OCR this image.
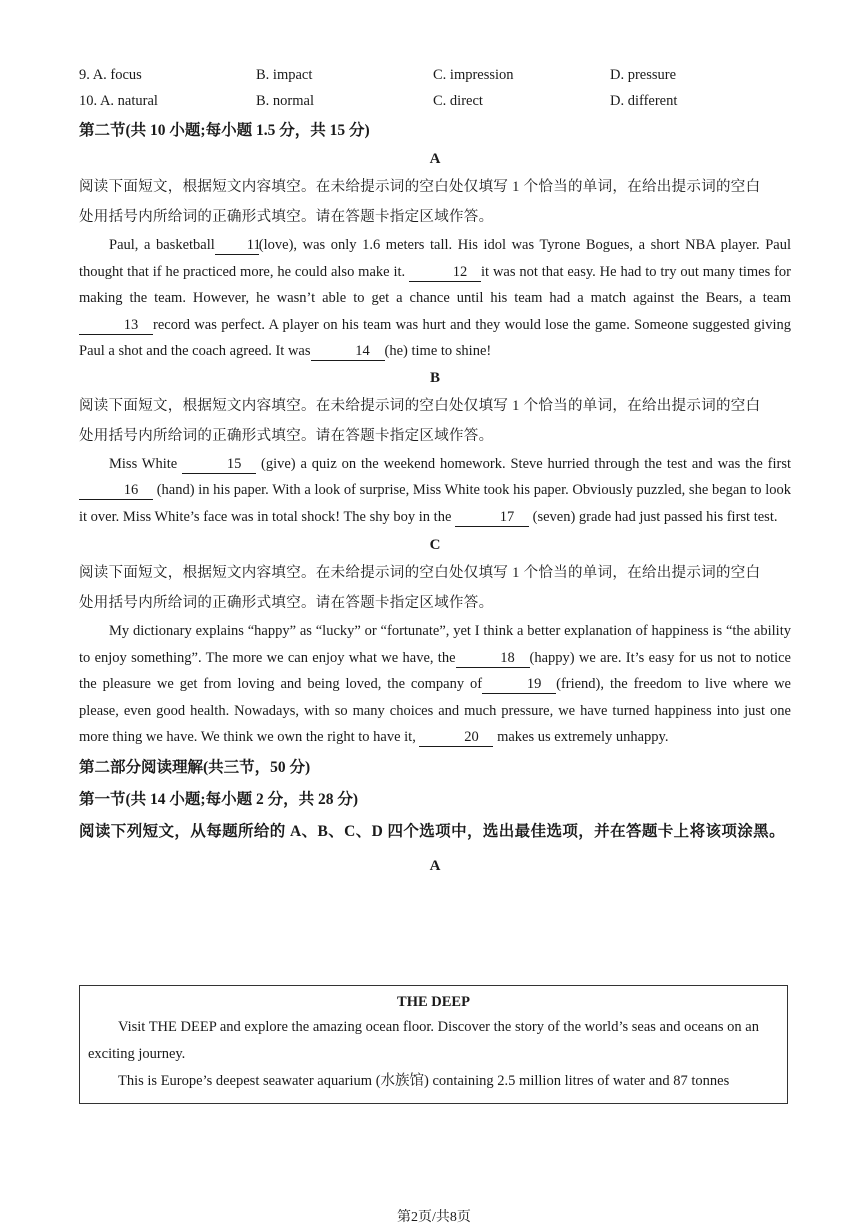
9. A. focus	B. impact	C. impression	D. pressure
10. A. natural	B. normal	C. direct	D. different
第二节(共 10 小题;每小题 1.5 分，共 15 分)
A

阅读下面短文，根据短文内容填空。在未给提示词的空白处仅填写 1 个恰当的单词，在给出提示词的空白

处用括号内所给词的正确形式填空。请在答题卡指定区域作答。

Paul, a basketball 11(love), was only 1.6 meters tall. His idol was Tyrone Bogues, a short NBA player. Paul thought that if he practiced more, he could also make it.	12 it was not that easy. He had to try out many times for making the team. However, he wasn’t able to get a chance until his team had a match against the Bears, a team13 record was perfect. A player on his team was hurt and they would lose the game. Someone suggested giving Paul a shot and the coach agreed. It was	14 (he) time to shine!

B

阅读下面短文，根据短文内容填空。在未给提示词的空白处仅填写 1 个恰当的单词，在给出提示词的空白

处用括号内所给词的正确形式填空。请在答题卡指定区域作答。

Miss White	15 (give) a quiz on the weekend homework. Steve hurried through the test and was the first 16 (hand) in his paper. With a look of surprise, Miss White took his paper. Obviously puzzled, she began to look it over. Miss White’s face was in total shock! The shy boy in the	17 (seven) grade had just passed his first test.

C

阅读下面短文，根据短文内容填空。在未给提示词的空白处仅填写 1 个恰当的单词，在给出提示词的空白

处用括号内所给词的正确形式填空。请在答题卡指定区域作答。

My dictionary explains “happy” as “lucky” or “fortunate”, yet I think a better explanation of happiness is “the ability to enjoy something”. The more we can enjoy what we have, the	18 (happy) we are. It’s easy for us not to notice the pleasure we get from loving and being loved, the company of	19 (friend), the freedom to live where we please, even good health. Nowadays, with so many choices and much pressure, we have turned happiness into just one more thing we have. We think we own the right to have it,	20 makes us extremely unhappy.

第二部分阅读理解(共三节，50 分)
第一节(共 14 小题;每小题 2 分，共 28 分)

阅读下列短文，从每题所给的 A、B、C、D 四个选项中，选出最佳选项，并在答题卡上将该项涂黑。

A
THE DEEP

Visit THE DEEP and explore the amazing ocean floor. Discover the story of the world’s seas and oceans on an exciting journey.

This is Europe’s deepest seawater aquarium (水族馆) containing 2.5 million litres of water and 87 tonnes

第2页/共8页
